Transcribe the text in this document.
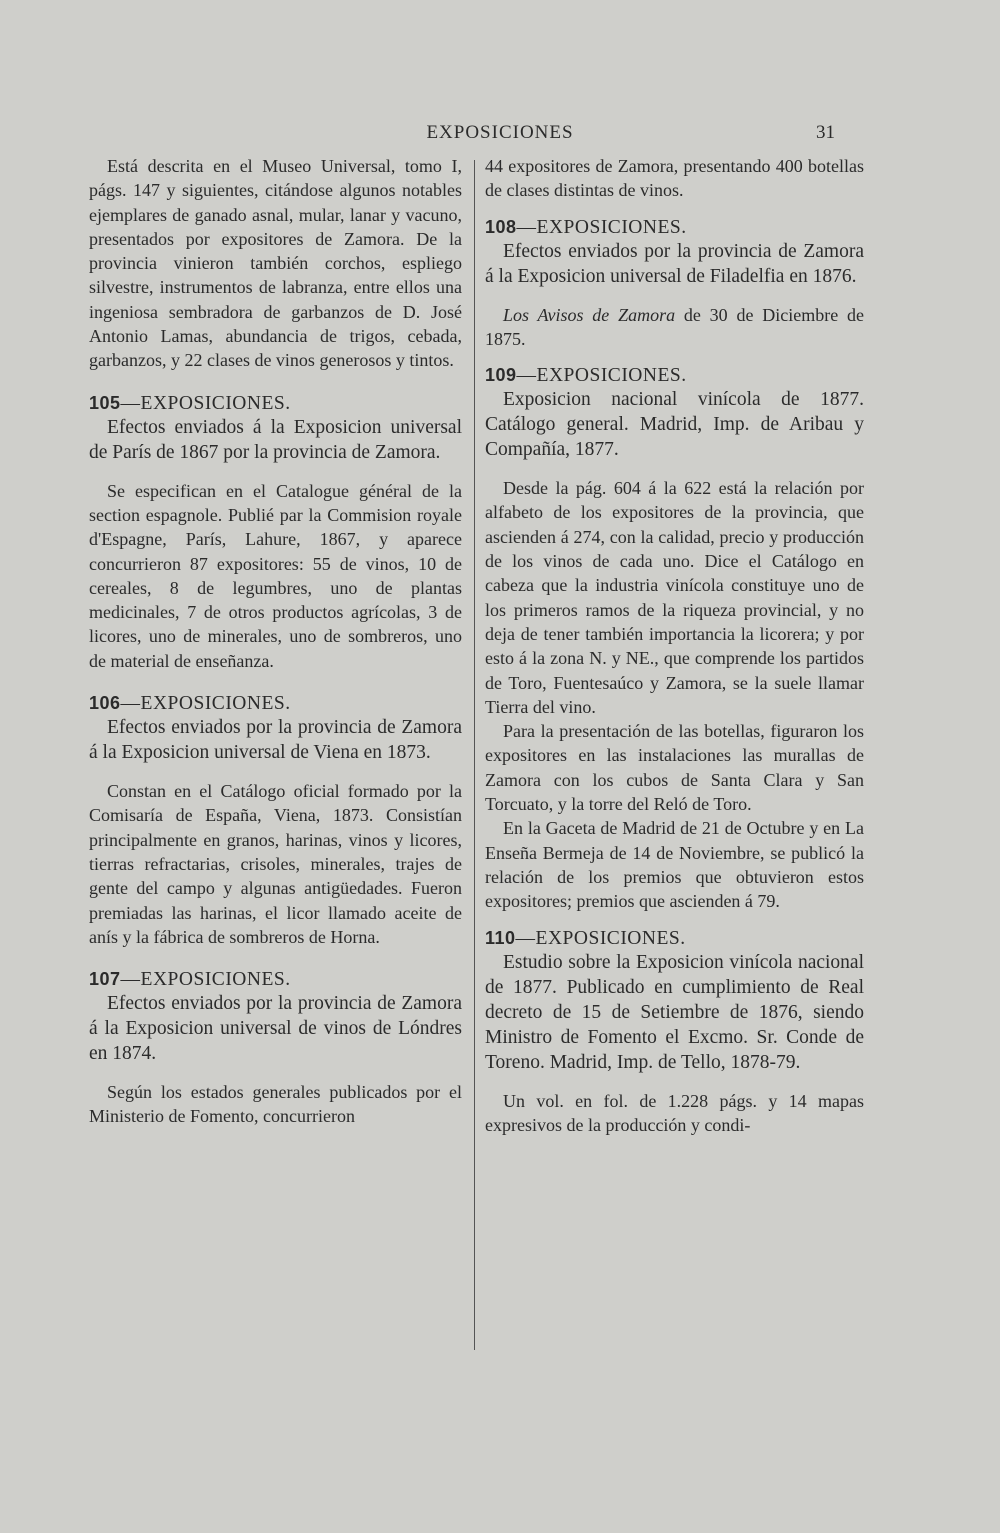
EXPOSICIONES	31

Está descrita en el Museo Universal, tomo I, págs. 147 y siguientes, citándose algunos notables ejemplares de ganado asnal, mular, lanar y vacuno, presentados por expositores de Zamora. De la provincia vinieron también corchos, espliego silvestre, instrumentos de labranza, entre ellos una ingeniosa sembradora de garbanzos de D. José Antonio Lamas, abundancia de trigos, cebada, garbanzos, y 22 clases de vinos generosos y tintos.

105—EXPOSICIONES.

Efectos enviados á la Exposicion universal de París de 1867 por la provincia de Zamora.

Se especifican en el Catalogue général de la section espagnole. Publié par la Commision royale d'Espagne, París, Lahure, 1867, y aparece concurrieron 87 expositores: 55 de vinos, 10 de cereales, 8 de legumbres, uno de plantas medicinales, 7 de otros productos agrícolas, 3 de licores, uno de minerales, uno de sombreros, uno de material de enseñanza.

106—EXPOSICIONES.

Efectos enviados por la provincia de Zamora á la Exposicion universal de Viena en 1873.

Constan en el Catálogo oficial formado por la Comisaría de España, Viena, 1873. Consistían principalmente en granos, harinas, vinos y licores, tierras refractarias, crisoles, minerales, trajes de gente del campo y algunas antigüedades. Fueron premiadas las harinas, el licor llamado aceite de anís y la fábrica de sombreros de Horna.

107—EXPOSICIONES.

Efectos enviados por la provincia de Zamora á la Exposicion universal de vinos de Lóndres en 1874.

Según los estados generales publicados por el Ministerio de Fomento, concurrieron

44 expositores de Zamora, presentando 400 botellas de clases distintas de vinos.

108—EXPOSICIONES.

Efectos enviados por la provincia de Zamora á la Exposicion universal de Filadelfia en 1876.

Los Avisos de Zamora de 30 de Diciembre de 1875.

109—EXPOSICIONES.

Exposicion nacional vinícola de 1877. Catálogo general. Madrid, Imp. de Aribau y Compañía, 1877.

Desde la pág. 604 á la 622 está la relación por alfabeto de los expositores de la provincia, que ascienden á 274, con la calidad, precio y producción de los vinos de cada uno. Dice el Catálogo en cabeza que la industria vinícola constituye uno de los primeros ramos de la riqueza provincial, y no deja de tener también importancia la licorera; y por esto á la zona N. y NE., que comprende los partidos de Toro, Fuentesaúco y Zamora, se la suele llamar Tierra del vino.

Para la presentación de las botellas, figuraron los expositores en las instalaciones las murallas de Zamora con los cubos de Santa Clara y San Torcuato, y la torre del Reló de Toro.

En la Gaceta de Madrid de 21 de Octubre y en La Enseña Bermeja de 14 de Noviembre, se publicó la relación de los premios que obtuvieron estos expositores; premios que ascienden á 79.

110—EXPOSICIONES.

Estudio sobre la Exposicion vinícola nacional de 1877. Publicado en cumplimiento de Real decreto de 15 de Setiembre de 1876, siendo Ministro de Fomento el Excmo. Sr. Conde de Toreno. Madrid, Imp. de Tello, 1878-79.

Un vol. en fol. de 1.228 págs. y 14 mapas expresivos de la producción y condi-
